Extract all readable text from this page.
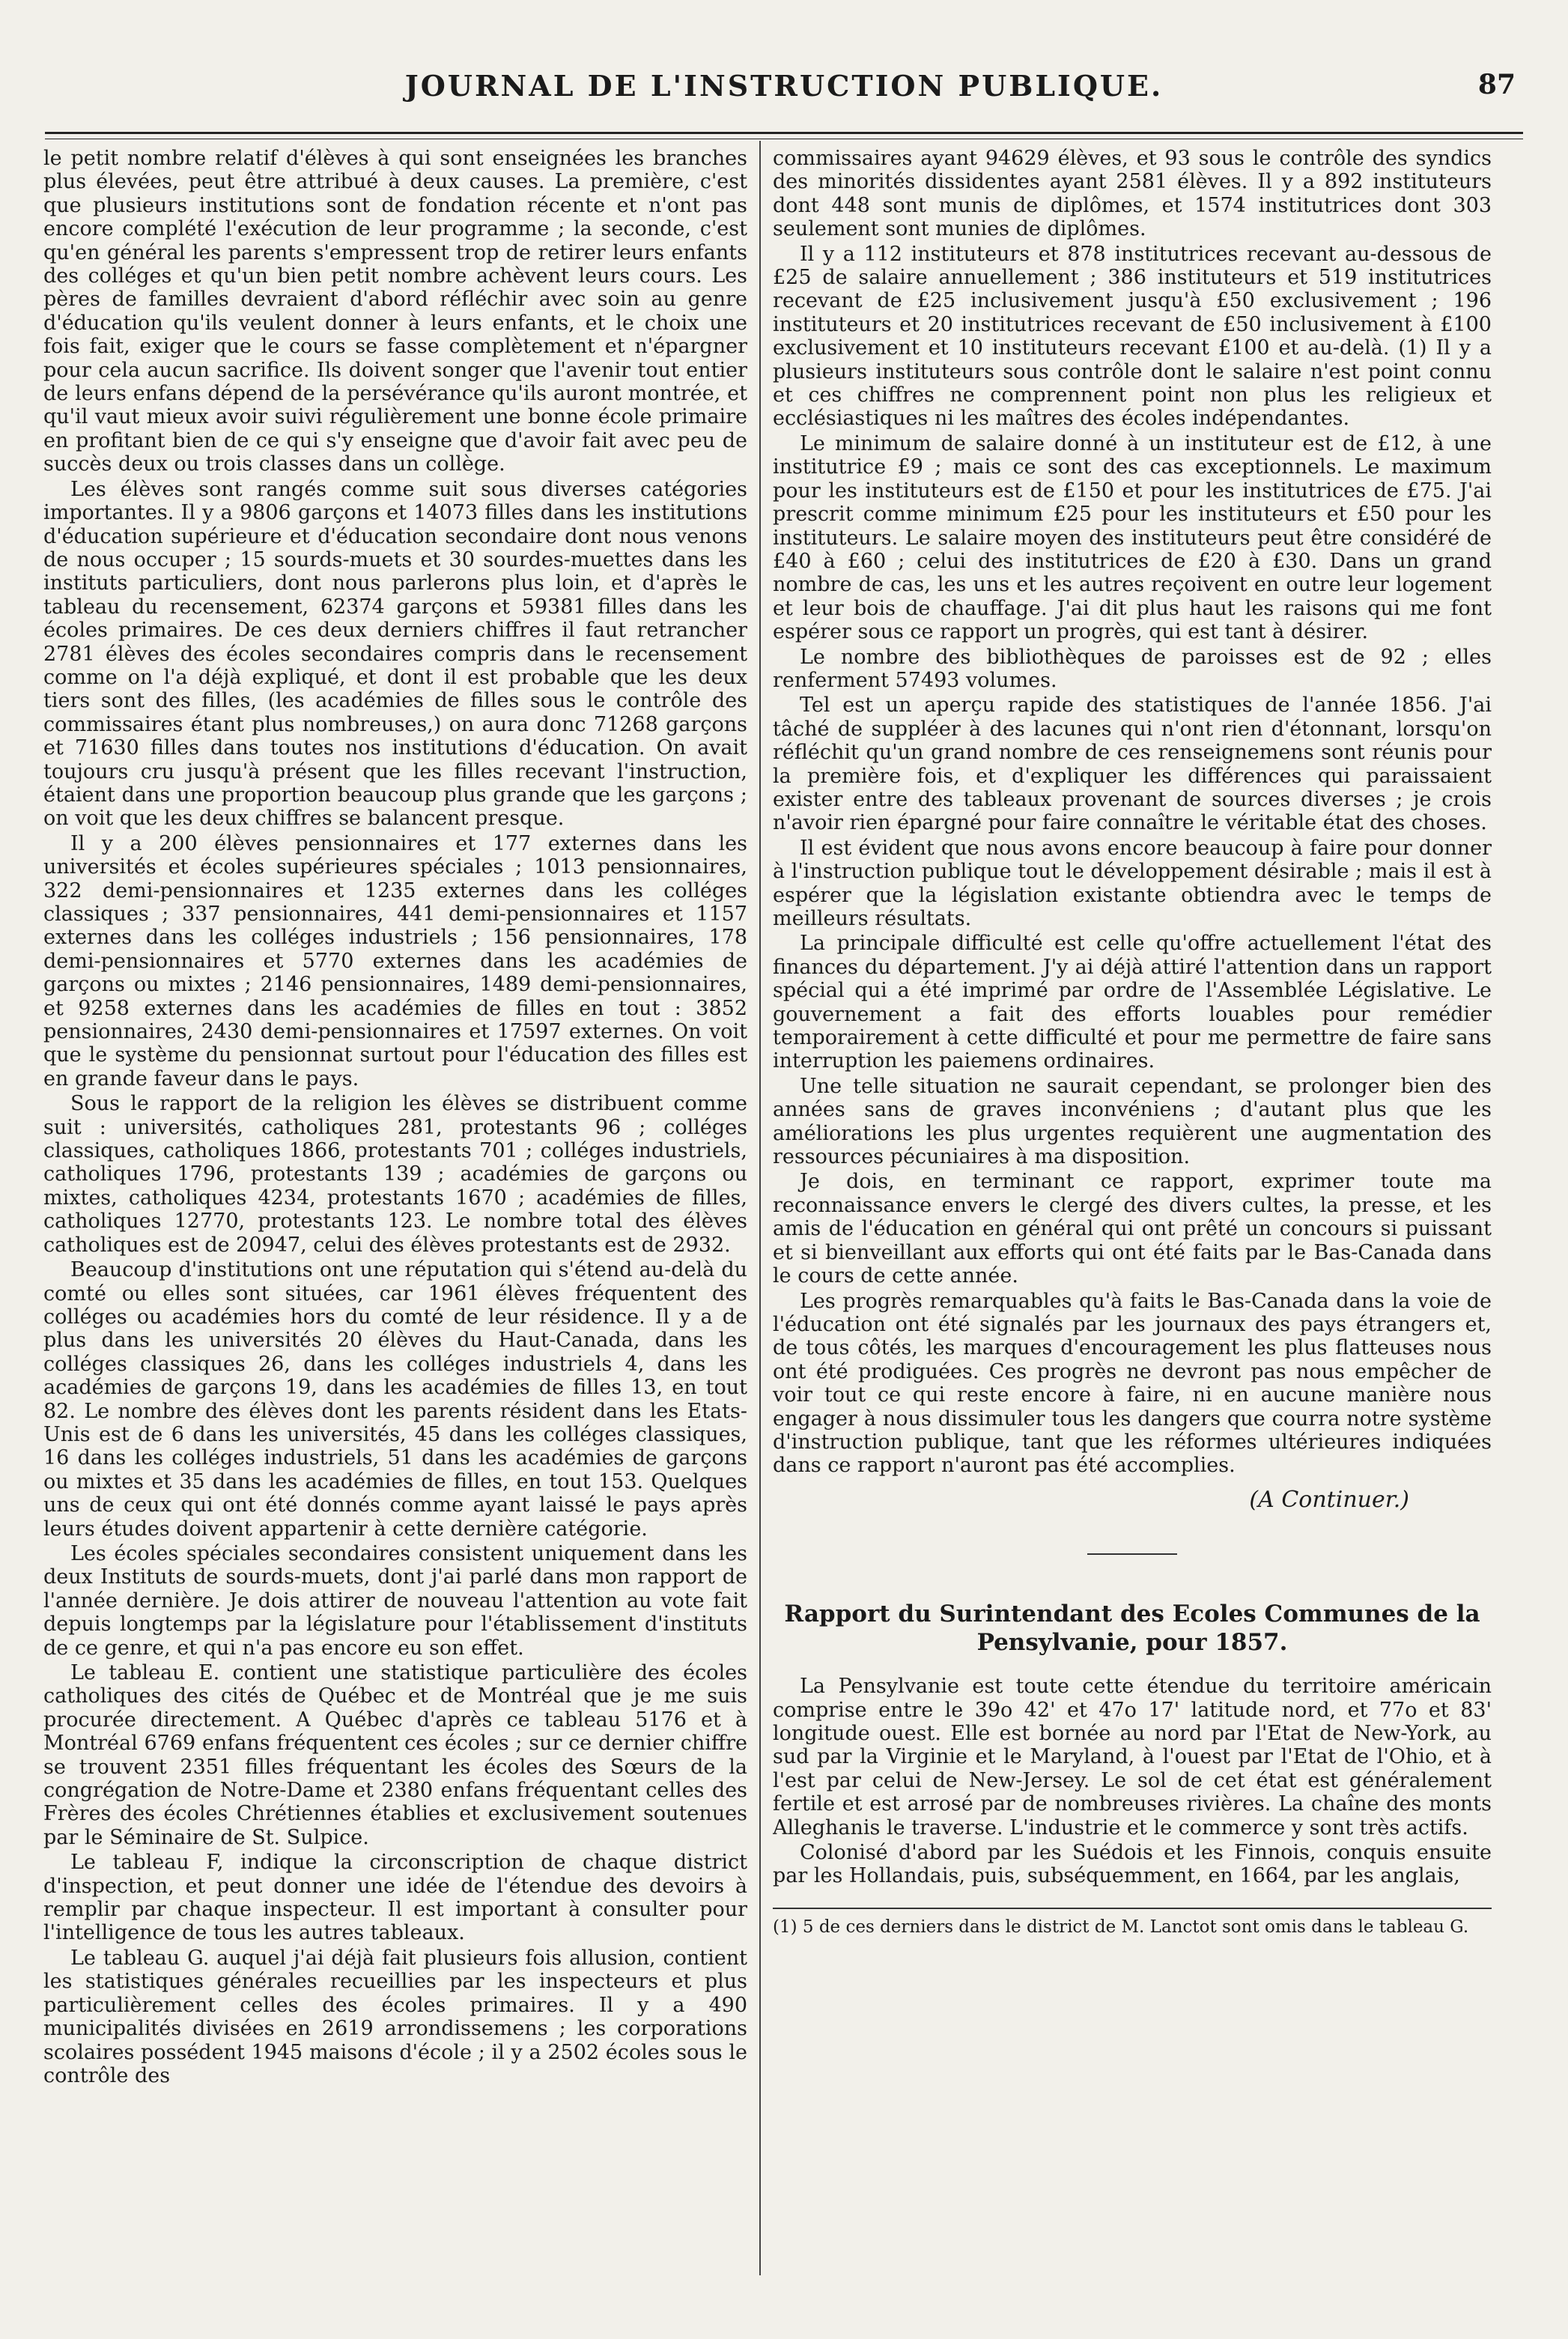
JOURNAL DE L'INSTRUCTION PUBLIQUE.	87

le petit nombre relatif d'élèves à qui sont enseignées les branches plus élevées, peut être attribué à deux causes. La première, c'est que plusieurs institutions sont de fondation récente et n'ont pas encore complété l'exécution de leur programme ; la seconde, c'est qu'en général les parents s'empressent trop de retirer leurs enfants des colléges et qu'un bien petit nombre achèvent leurs cours. Les pères de familles devraient d'abord réfléchir avec soin au genre d'éducation qu'ils veulent donner à leurs enfants, et le choix une fois fait, exiger que le cours se fasse complètement et n'épargner pour cela aucun sacrifice. Ils doivent songer que l'avenir tout entier de leurs enfans dépend de la persévérance qu'ils auront montrée, et qu'il vaut mieux avoir suivi régulièrement une bonne école primaire en profitant bien de ce qui s'y enseigne que d'avoir fait avec peu de succès deux ou trois classes dans un collège.

Les élèves sont rangés comme suit sous diverses catégories importantes. Il y a 9806 garçons et 14073 filles dans les institutions d'éducation supérieure et d'éducation secondaire dont nous venons de nous occuper ; 15 sourds-muets et 30 sourdes-muettes dans les instituts particuliers, dont nous parlerons plus loin, et d'après le tableau du recensement, 62374 garçons et 59381 filles dans les écoles primaires. De ces deux derniers chiffres il faut retrancher 2781 élèves des écoles secondaires compris dans le recensement comme on l'a déjà expliqué, et dont il est probable que les deux tiers sont des filles, (les académies de filles sous le contrôle des commissaires étant plus nombreuses,) on aura donc 71268 garçons et 71630 filles dans toutes nos institutions d'éducation. On avait toujours cru jusqu'à présent que les filles recevant l'instruction, étaient dans une proportion beaucoup plus grande que les garçons ; on voit que les deux chiffres se balancent presque.

Il y a 200 élèves pensionnaires et 177 externes dans les universités et écoles supérieures spéciales ; 1013 pensionnaires, 322 demi-pensionnaires et 1235 externes dans les colléges classiques ; 337 pensionnaires, 441 demi-pensionnaires et 1157 externes dans les colléges industriels ; 156 pensionnaires, 178 demi-pensionnaires et 5770 externes dans les académies de garçons ou mixtes ; 2146 pensionnaires, 1489 demi-pensionnaires, et 9258 externes dans les académies de filles en tout : 3852 pensionnaires, 2430 demi-pensionnaires et 17597 externes. On voit que le système du pensionnat surtout pour l'éducation des filles est en grande faveur dans le pays.

Sous le rapport de la religion les élèves se distribuent comme suit : universités, catholiques 281, protestants 96 ; colléges classiques, catholiques 1866, protestants 701 ; colléges industriels, catholiques 1796, protestants 139 ; académies de garçons ou mixtes, catholiques 4234, protestants 1670 ; académies de filles, catholiques 12770, protestants 123. Le nombre total des élèves catholiques est de 20947, celui des élèves protestants est de 2932.

Beaucoup d'institutions ont une réputation qui s'étend au-delà du comté ou elles sont situées, car 1961 élèves fréquentent des colléges ou académies hors du comté de leur résidence. Il y a de plus dans les universités 20 élèves du Haut-Canada, dans les colléges classiques 26, dans les colléges industriels 4, dans les académies de garçons 19, dans les académies de filles 13, en tout 82. Le nombre des élèves dont les parents résident dans les Etats-Unis est de 6 dans les universités, 45 dans les colléges classiques, 16 dans les colléges industriels, 51 dans les académies de garçons ou mixtes et 35 dans les académies de filles, en tout 153. Quelques uns de ceux qui ont été donnés comme ayant laissé le pays après leurs études doivent appartenir à cette dernière catégorie.

Les écoles spéciales secondaires consistent uniquement dans les deux Instituts de sourds-muets, dont j'ai parlé dans mon rapport de l'année dernière. Je dois attirer de nouveau l'attention au vote fait depuis longtemps par la législature pour l'établissement d'instituts de ce genre, et qui n'a pas encore eu son effet.

Le tableau E. contient une statistique particulière des écoles catholiques des cités de Québec et de Montréal que je me suis procurée directement. A Québec d'après ce tableau 5176 et à Montréal 6769 enfans fréquentent ces écoles ; sur ce dernier chiffre se trouvent 2351 filles fréquentant les écoles des Sœurs de la congrégation de Notre-Dame et 2380 enfans fréquentant celles des Frères des écoles Chrétiennes établies et exclusivement soutenues par le Séminaire de St. Sulpice.

Le tableau F, indique la circonscription de chaque district d'inspection, et peut donner une idée de l'étendue des devoirs à remplir par chaque inspecteur. Il est important à consulter pour l'intelligence de tous les autres tableaux.

Le tableau G. auquel j'ai déjà fait plusieurs fois allusion, contient les statistiques générales recueillies par les inspecteurs et plus particulièrement celles des écoles primaires. Il y a 490 municipalités divisées en 2619 arrondissemens ; les corporations scolaires possédent 1945 maisons d'école ; il y a 2502 écoles sous le contrôle des

commissaires ayant 94629 élèves, et 93 sous le contrôle des syndics des minorités dissidentes ayant 2581 élèves. Il y a 892 instituteurs dont 448 sont munis de diplômes, et 1574 institutrices dont 303 seulement sont munies de diplômes.

Il y a 112 instituteurs et 878 institutrices recevant au-dessous de £25 de salaire annuellement ; 386 instituteurs et 519 institutrices recevant de £25 inclusivement jusqu'à £50 exclusivement ; 196 instituteurs et 20 institutrices recevant de £50 inclusivement à £100 exclusivement et 10 instituteurs recevant £100 et au-delà. (1) Il y a plusieurs instituteurs sous contrôle dont le salaire n'est point connu et ces chiffres ne comprennent point non plus les religieux et ecclésiastiques ni les maîtres des écoles indépendantes.

Le minimum de salaire donné à un instituteur est de £12, à une institutrice £9 ; mais ce sont des cas exceptionnels. Le maximum pour les instituteurs est de £150 et pour les institutrices de £75. J'ai prescrit comme minimum £25 pour les instituteurs et £50 pour les instituteurs. Le salaire moyen des instituteurs peut être considéré de £40 à £60 ; celui des institutrices de £20 à £30. Dans un grand nombre de cas, les uns et les autres reçoivent en outre leur logement et leur bois de chauffage. J'ai dit plus haut les raisons qui me font espérer sous ce rapport un progrès, qui est tant à désirer.

Le nombre des bibliothèques de paroisses est de 92 ; elles renferment 57493 volumes.

Tel est un aperçu rapide des statistiques de l'année 1856. J'ai tâché de suppléer à des lacunes qui n'ont rien d'étonnant, lorsqu'on réfléchit qu'un grand nombre de ces renseignemens sont réunis pour la première fois, et d'expliquer les différences qui paraissaient exister entre des tableaux provenant de sources diverses ; je crois n'avoir rien épargné pour faire connaître le véritable état des choses.

Il est évident que nous avons encore beaucoup à faire pour donner à l'instruction publique tout le développement désirable ; mais il est à espérer que la législation existante obtiendra avec le temps de meilleurs résultats.

La principale difficulté est celle qu'offre actuellement l'état des finances du département. J'y ai déjà attiré l'attention dans un rapport spécial qui a été imprimé par ordre de l'Assemblée Législative. Le gouvernement a fait des efforts louables pour remédier temporairement à cette difficulté et pour me permettre de faire sans interruption les paiemens ordinaires.

Une telle situation ne saurait cependant, se prolonger bien des années sans de graves inconvéniens ; d'autant plus que les améliorations les plus urgentes requièrent une augmentation des ressources pécuniaires à ma disposition.

Je dois, en terminant ce rapport, exprimer toute ma reconnaissance envers le clergé des divers cultes, la presse, et les amis de l'éducation en général qui ont prêté un concours si puissant et si bienveillant aux efforts qui ont été faits par le Bas-Canada dans le cours de cette année.

Les progrès remarquables qu'à faits le Bas-Canada dans la voie de l'éducation ont été signalés par les journaux des pays étrangers et, de tous côtés, les marques d'encouragement les plus flatteuses nous ont été prodiguées. Ces progrès ne devront pas nous empêcher de voir tout ce qui reste encore à faire, ni en aucune manière nous engager à nous dissimuler tous les dangers que courra notre système d'instruction publique, tant que les réformes ultérieures indiquées dans ce rapport n'auront pas été accomplies.

(A Continuer.)
Rapport du Surintendant des Ecoles Communes de la Pensylvanie, pour 1857.

La Pensylvanie est toute cette étendue du territoire américain comprise entre le 39o 42' et 47o 17' latitude nord, et 77o et 83' longitude ouest. Elle est bornée au nord par l'Etat de New-York, au sud par la Virginie et le Maryland, à l'ouest par l'Etat de l'Ohio, et à l'est par celui de New-Jersey. Le sol de cet état est généralement fertile et est arrosé par de nombreuses rivières. La chaîne des monts Alleghanis le traverse. L'industrie et le commerce y sont très actifs.

Colonisé d'abord par les Suédois et les Finnois, conquis ensuite par les Hollandais, puis, subséquemment, en 1664, par les anglais,

(1) 5 de ces derniers dans le district de M. Lanctot sont omis dans le tableau G.
